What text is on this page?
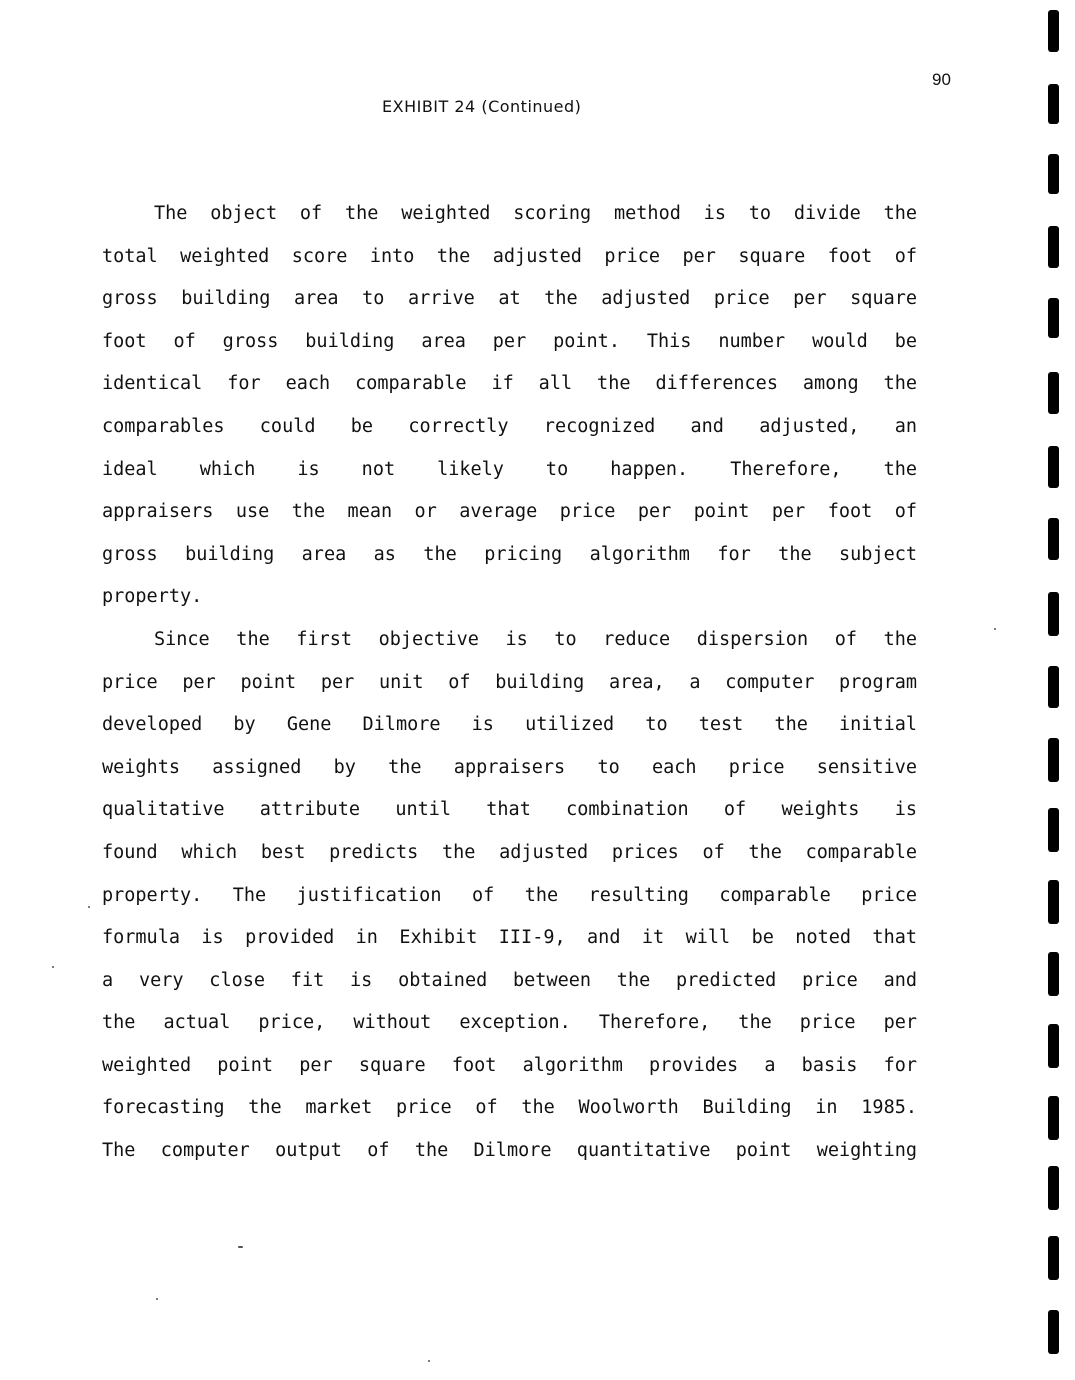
90
EXHIBIT 24 (Continued)
The object of the weighted scoring method is to divide the
total weighted score into the adjusted price per square foot of
gross building area to arrive at the adjusted price per square
foot of gross building area per point. This number would be
identical for each comparable if all the differences among the
comparables could be correctly recognized and adjusted, an
ideal which is not likely to happen. Therefore, the
appraisers use the mean or average price per point per foot of
gross building area as the pricing algorithm for the subject
property.
Since the first objective is to reduce dispersion of the
price per point per unit of building area, a computer program
developed by Gene Dilmore is utilized to test the initial
weights assigned by the appraisers to each price sensitive
qualitative attribute until that combination of weights is
found which best predicts the adjusted prices of the comparable
property. The justification of the resulting comparable price
formula is provided in Exhibit III-9, and it will be noted that
a very close fit is obtained between the predicted price and
the actual price, without exception. Therefore, the price per
weighted point per square foot algorithm provides a basis for
forecasting the market price of the Woolworth Building in 1985.
The computer output of the Dilmore quantitative point weighting
